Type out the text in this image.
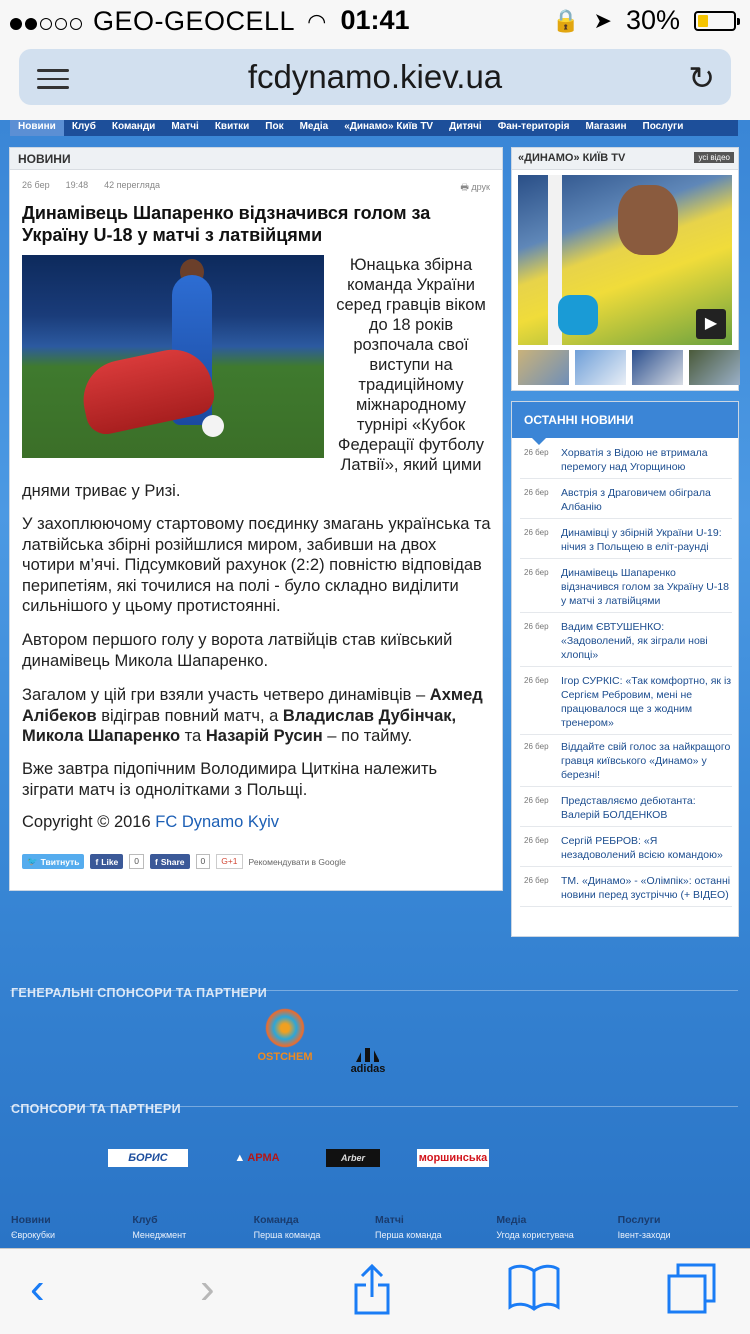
GEO-GEOCELL ◠ 01:41	🔒 ➤ 30%
fcdynamo.kiev.ua	↻
Новини	Клуб	Команди	Матчі	Квитки	Пок	Медіа	«Динамо» Київ TV	Дитячі	Фан-територія	Магазин	Послуги
НОВИНИ
26 бер 19:48 42 перегляда	🖶 друк
Динамівець Шапаренко відзначився голом за Україну U-18 у матчі з латвійцями
Юнацька збірна команда України серед гравців віком до 18 років розпочала свої виступи на традиційному міжнародному турнірі «Кубок Федерації футболу Латвії», який цими
днями триває у Ризі.

У захоплюючому стартовому поєдинку змагань українська та латвійська збірні розійшлися миром, забивши на двох чотири м’ячі. Підсумковий рахунок (2:2) повністю відповідав перипетіям, які точилися на полі - було складно виділити сильнішого у цьому протистоянні.

Автором першого голу у ворота латвійців став київський динамівець Микола Шапаренко.

Загалом у цій гри взяли участь четверо динамівців – Ахмед Алібеков відіграв повний матч, а Владислав Дубінчак, Микола Шапаренко та Назарій Русин – по тайму.

Вже завтра підопічним Володимира Циткіна належить зіграти матч із однолітками з Польщі.

Copyright © 2016 FC Dynamo Kyiv
🐦 Твитнуть f Like	0	f Share	0	G+1	Рекомендувати в Google
«ДИНАМО» КИЇВ TV	усі відео
▶
ОСТАННІ НОВИНИ
26 бер Хорватія з Відою не втримала перемогу над Угорщиною
26 бер Австрія з Драговичем обіграла Албанію
26 бер Динамівці у збірній України U-19: нічия з Польщею в еліт-раунді
26 бер Динамівець Шапаренко відзначився голом за Україну U-18 у матчі з латвійцями
26 бер Вадим ЄВТУШЕНКО: «Задоволений, як зіграли нові хлопці»
26 бер Ігор СУРКІС: «Так комфортно, як із Сергієм Ребровим, мені не працювалося ще з жодним тренером»
26 бер Віддайте свій голос за найкращого гравця київського «Динамо» у березні!
26 бер Представляємо дебютанта: Валерій БОЛДЕНКОВ
26 бер Сергій РЕБРОВ: «Я незадоволений всією командою»
26 бер ТМ. «Динамо» - «Олімпік»: останні новини перед зустріччю (+ ВІДЕО)
ГЕНЕРАЛЬНІ СПОНСОРИ ТА ПАРТНЕРИ
OSTCHEM
adidas
СПОНСОРИ ТА ПАРТНЕРИ
БОРИС	▲ АРМА	Arber	моршинська
Новини
Єврокубки
Клуб
Менеджмент
Команда
Перша команда
Матчі
Перша команда
Медіа
Угода користувача
Послуги
Івент-заходи
‹	›
